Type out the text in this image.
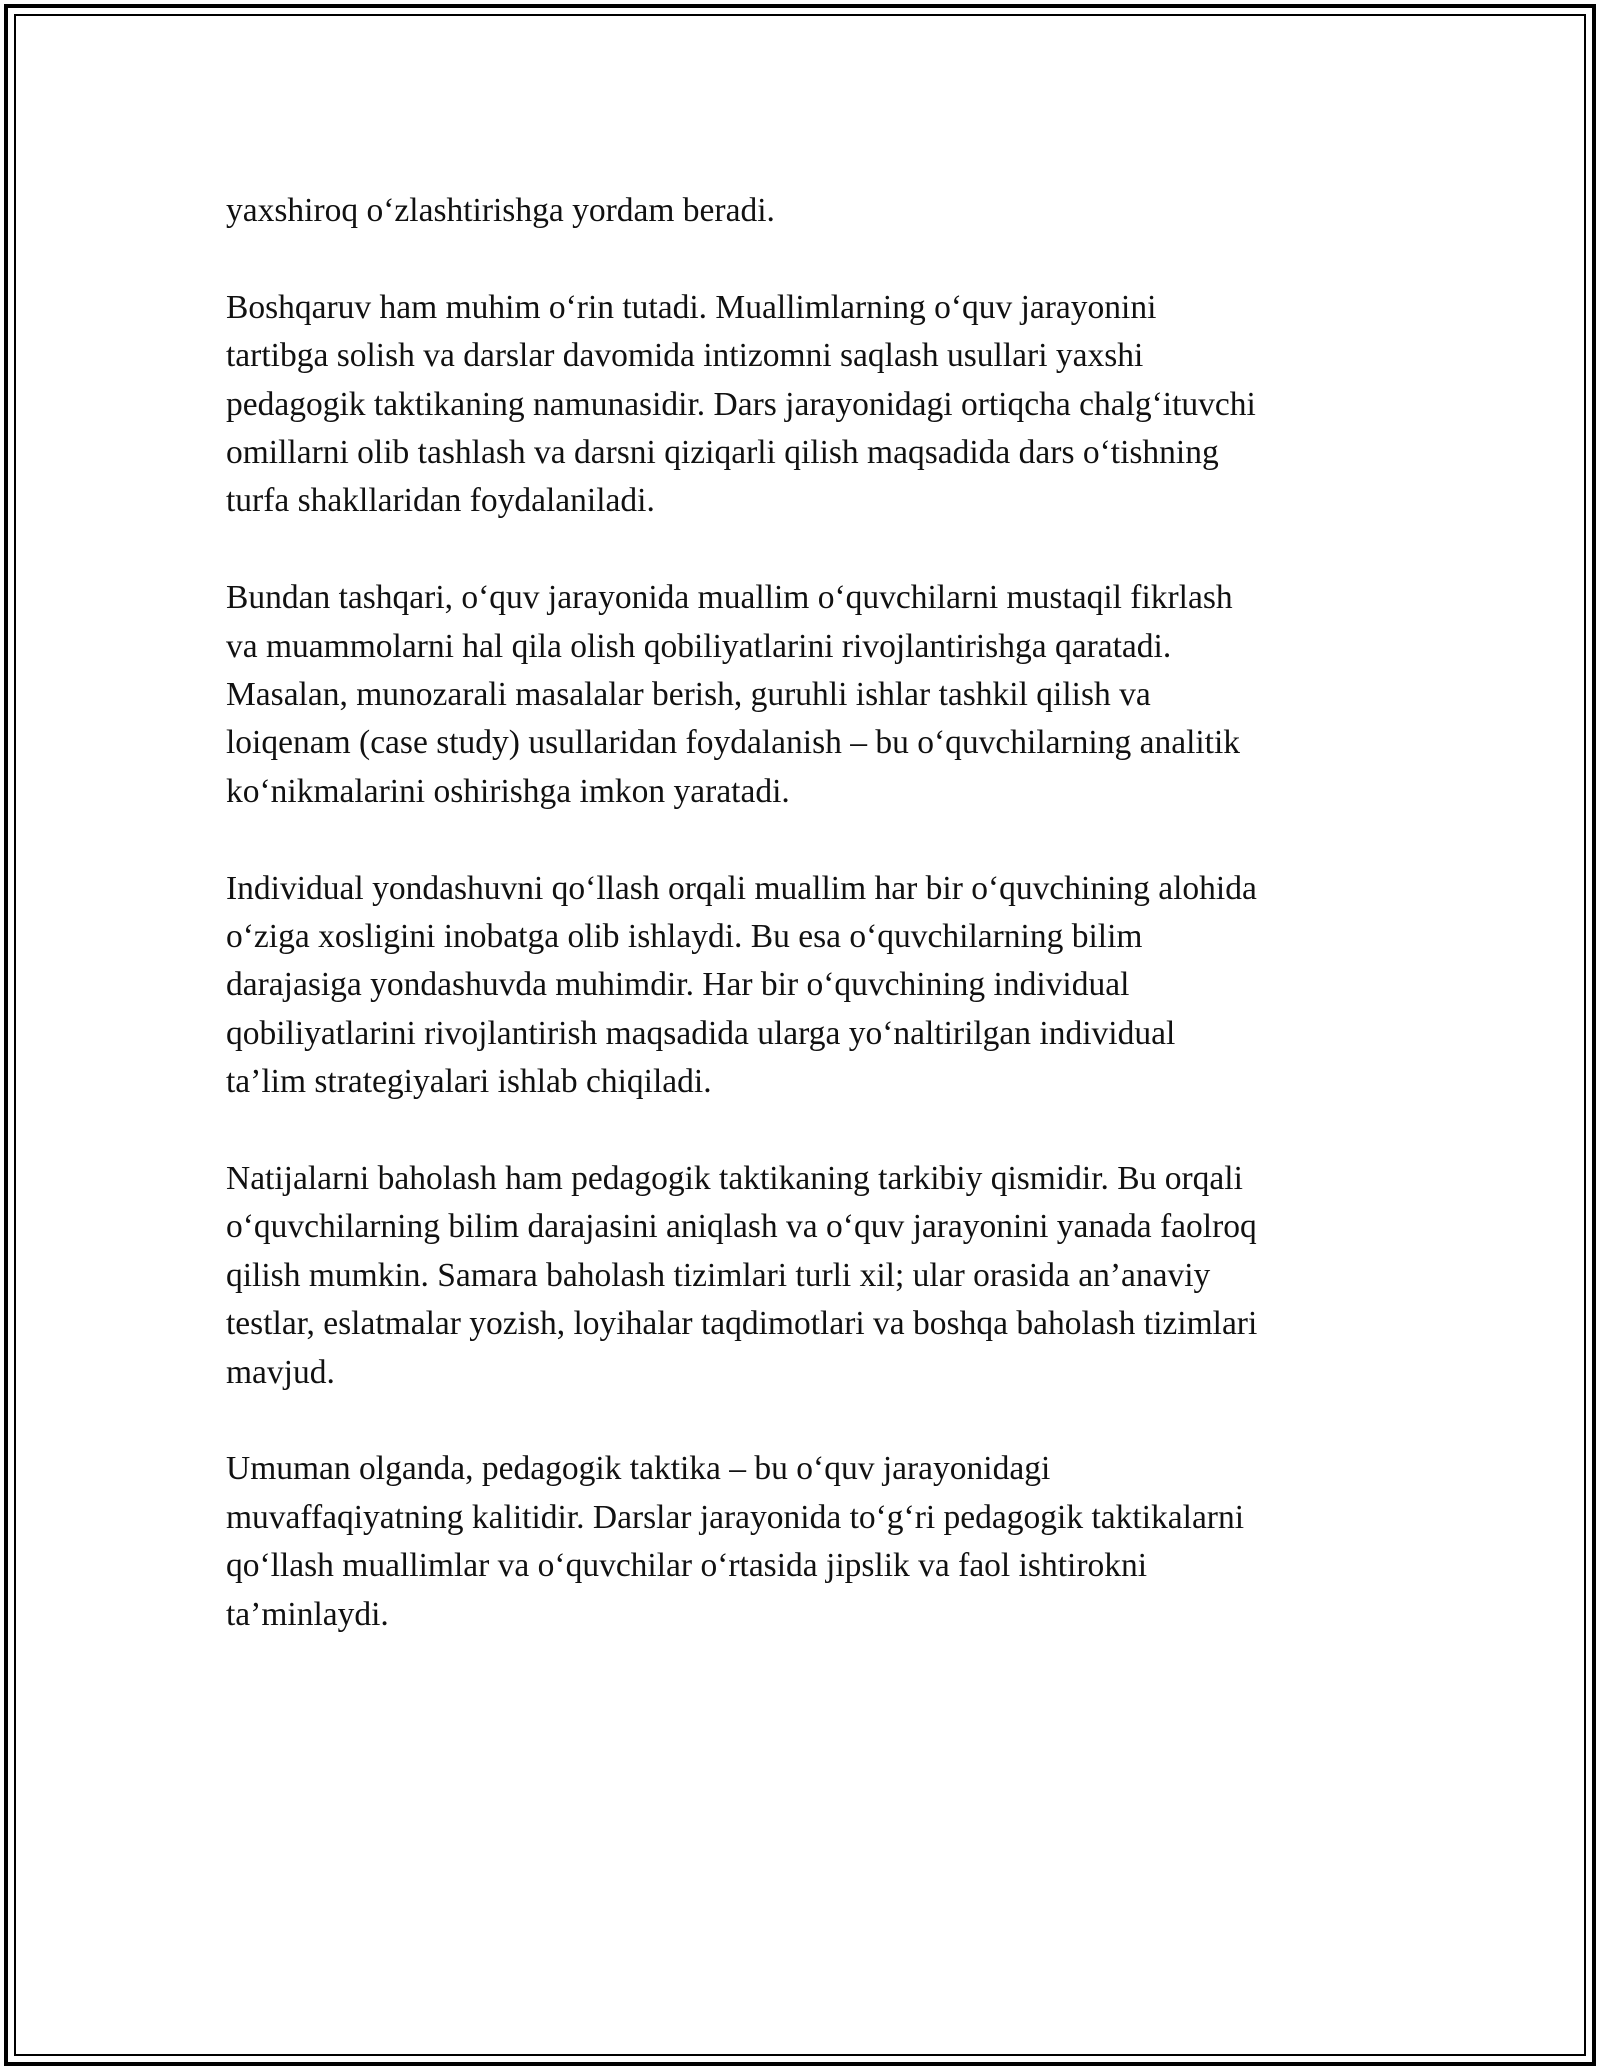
yaxshiroq o‘zlashtirishga yordam beradi.

Boshqaruv ham muhim o‘rin tutadi. Muallimlarning o‘quv jarayonini
tartibga solish va darslar davomida intizomni saqlash usullari yaxshi
pedagogik taktikaning namunasidir. Dars jarayonidagi ortiqcha chalg‘ituvchi
omillarni olib tashlash va darsni qiziqarli qilish maqsadida dars o‘tishning
turfa shakllaridan foydalaniladi.

Bundan tashqari, o‘quv jarayonida muallim o‘quvchilarni mustaqil fikrlash
va muammolarni hal qila olish qobiliyatlarini rivojlantirishga qaratadi.
Masalan, munozarali masalalar berish, guruhli ishlar tashkil qilish va
loiqenam (case study) usullaridan foydalanish – bu o‘quvchilarning analitik
ko‘nikmalarini oshirishga imkon yaratadi.

Individual yondashuvni qo‘llash orqali muallim har bir o‘quvchining alohida
o‘ziga xosligini inobatga olib ishlaydi. Bu esa o‘quvchilarning bilim
darajasiga yondashuvda muhimdir. Har bir o‘quvchining individual
qobiliyatlarini rivojlantirish maqsadida ularga yo‘naltirilgan individual
ta’lim strategiyalari ishlab chiqiladi.

Natijalarni baholash ham pedagogik taktikaning tarkibiy qismidir. Bu orqali
o‘quvchilarning bilim darajasini aniqlash va o‘quv jarayonini yanada faolroq
qilish mumkin. Samara baholash tizimlari turli xil; ular orasida an’anaviy
testlar, eslatmalar yozish, loyihalar taqdimotlari va boshqa baholash tizimlari
mavjud.

Umuman olganda, pedagogik taktika – bu o‘quv jarayonidagi
muvaffaqiyatning kalitidir. Darslar jarayonida to‘g‘ri pedagogik taktikalarni
qo‘llash muallimlar va o‘quvchilar o‘rtasida jipslik va faol ishtirokni
ta’minlaydi.
